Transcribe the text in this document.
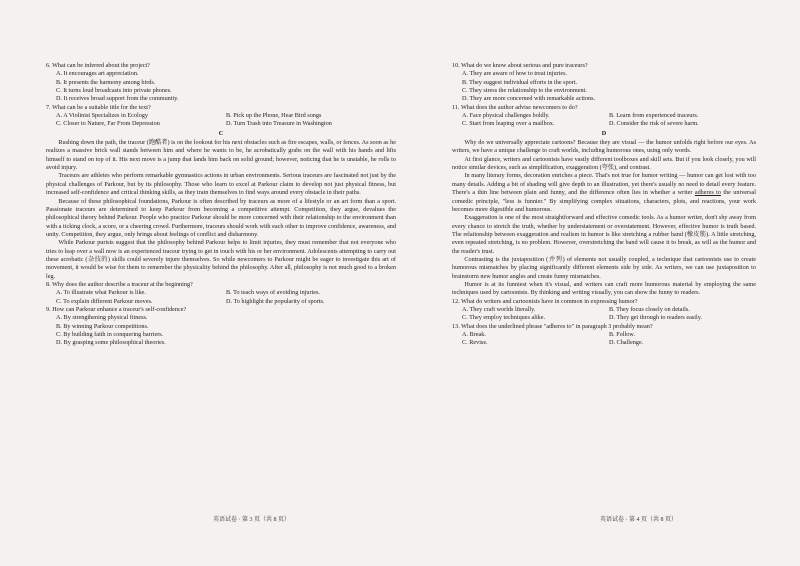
6. What can be inferred about the project?

A. It encourages art appreciation.

B. It presents the harmony among birds.

C. It turns loud broadcasts into private phones.

D. It receives broad support from the community.

7. What can be a suitable title for the text?

A. A Violinist Specializes in Ecology	B. Pick up the Phone, Hear Bird songs
C. Closer to Nature, Far From Depression	D. Turn Trash into Treasure in Washington

C

Rushing down the path, the traceur (跑酷者) is on the lookout for his next obstacles such as fire escapes, walls, or fences. As soon as he realizes a massive brick wall stands between him and where he wants to be, he acrobatically grabs on the wall with his hands and lifts himself to stand on top of it. His next move is a jump that lands him back on solid ground; however, noticing that he is unstable, he rolls to avoid injury.

Traceurs are athletes who perform remarkable gymnastics actions in urban environments. Serious traceurs are fascinated not just by the physical challenges of Parkour, but by its philosophy. Those who learn to excel at Parkour claim to develop not just physical fitness, but increased self-confidence and critical thinking skills, as they train themselves to find ways around every obstacle in their paths.

Because of these philosophical foundations, Parkour is often described by traceurs as more of a lifestyle or an art form than a sport. Passionate traceurs are determined to keep Parkour from becoming a competitive attempt. Competition, they argue, devalues the philosophical theory behind Parkour. People who practice Parkour should be more concerned with their relationship to the environment than with a ticking clock, a score, or a cheering crowd. Furthermore, traceurs should work with each other to improve confidence, awareness, and unity. Competition, they argue, only brings about feelings of conflict and disharmony.

While Parkour purists suggest that the philosophy behind Parkour helps to limit injuries, they must remember that not everyone who tries to leap over a wall now is an experienced traceur trying to get in touch with his or her environment. Adolescents attempting to carry out these acrobatic (杂技的) skills could severely injure themselves. So while newcomers to Parkour might be eager to investigate this art of movement, it would be wise for them to remember the physicality behind the philosophy. After all, philosophy is not much good to a broken leg.

8. Why does the author describe a traceur at the beginning?

A. To illustrate what Parkour is like.	B. To teach ways of avoiding injuries.
C. To explain different Parkour moves.	D. To highlight the popularity of sports.

9. How can Parkour enhance a traceur's self-confidence?

A. By strengthening physical fitness.

B. By winning Parkour competitions.

C. By building faith in conquering barriers.

D. By grasping some philosophical theories.

10. What do we know about serious and pure traceurs?

A. They are aware of how to treat injuries.

B. They suggest individual efforts in the sport.

C. They stress the relationship to the environment.

D. They are more concerned with remarkable actions.

11. What does the author advise newcomers to do?

A. Face physical challenges boldly.	B. Learn from experienced traceurs.
C. Start from leaping over a mailbox.	D. Consider the risk of severe harm.

D

Why do we universally appreciate cartoons? Because they are visual — the humor unfolds right before our eyes. As writers, we have a unique challenge to craft worlds, including humorous ones, using only words.

At first glance, writers and cartoonists have vastly different toolboxes and skill sets. But if you look closely, you will notice similar devices, such as simplification, exaggeration (夸张), and contrast.

In many literary forms, decoration enriches a piece. That's not true for humor writing — humor can get lost with too many details. Adding a bit of shading will give depth to an illustration, yet there's usually no need to detail every feature. There's a thin line between plain and funny, and the difference often lies in whether a writer adheres to the universal comedic principle, "less is funnier." By simplifying complex situations, characters, plots, and reactions, your work becomes more digestible and humorous.

Exaggeration is one of the most straightforward and effective comedic tools. As a humor writer, don't shy away from every chance to stretch the truth, whether by understatement or overstatement. However, effective humor is truth based. The relationship between exaggeration and realism in humor is like stretching a rubber band (橡皮筋). A little stretching, even repeated stretching, is no problem. However, overstretching the band will cause it to break, as will as the humor and the reader's trust.

Contrasting is the juxtaposition (并列) of elements not usually coupled, a technique that cartoonists use to create humorous mismatches by placing significantly different elements side by side. As writers, we can use juxtaposition to brainstorm new humor angles and create funny mismatches.

Humor is at its funniest when it's visual, and writers can craft more humorous material by employing the same techniques used by cartoonists. By thinking and writing visually, you can show the funny to readers.

12. What do writers and cartoonists have in common in expressing humor?

A. They craft worlds literally.	B. They focus closely on details.
C. They employ techniques alike.	D. They get through to readers easily.

13. What does the underlined phrase "adheres to" in paragraph 3 probably mean?

A. Break.	B. Follow.
C. Revise.	D. Challenge.
英语试卷 · 第 3 页（共 8 页）	英语试卷 · 第 4 页（共 8 页）
